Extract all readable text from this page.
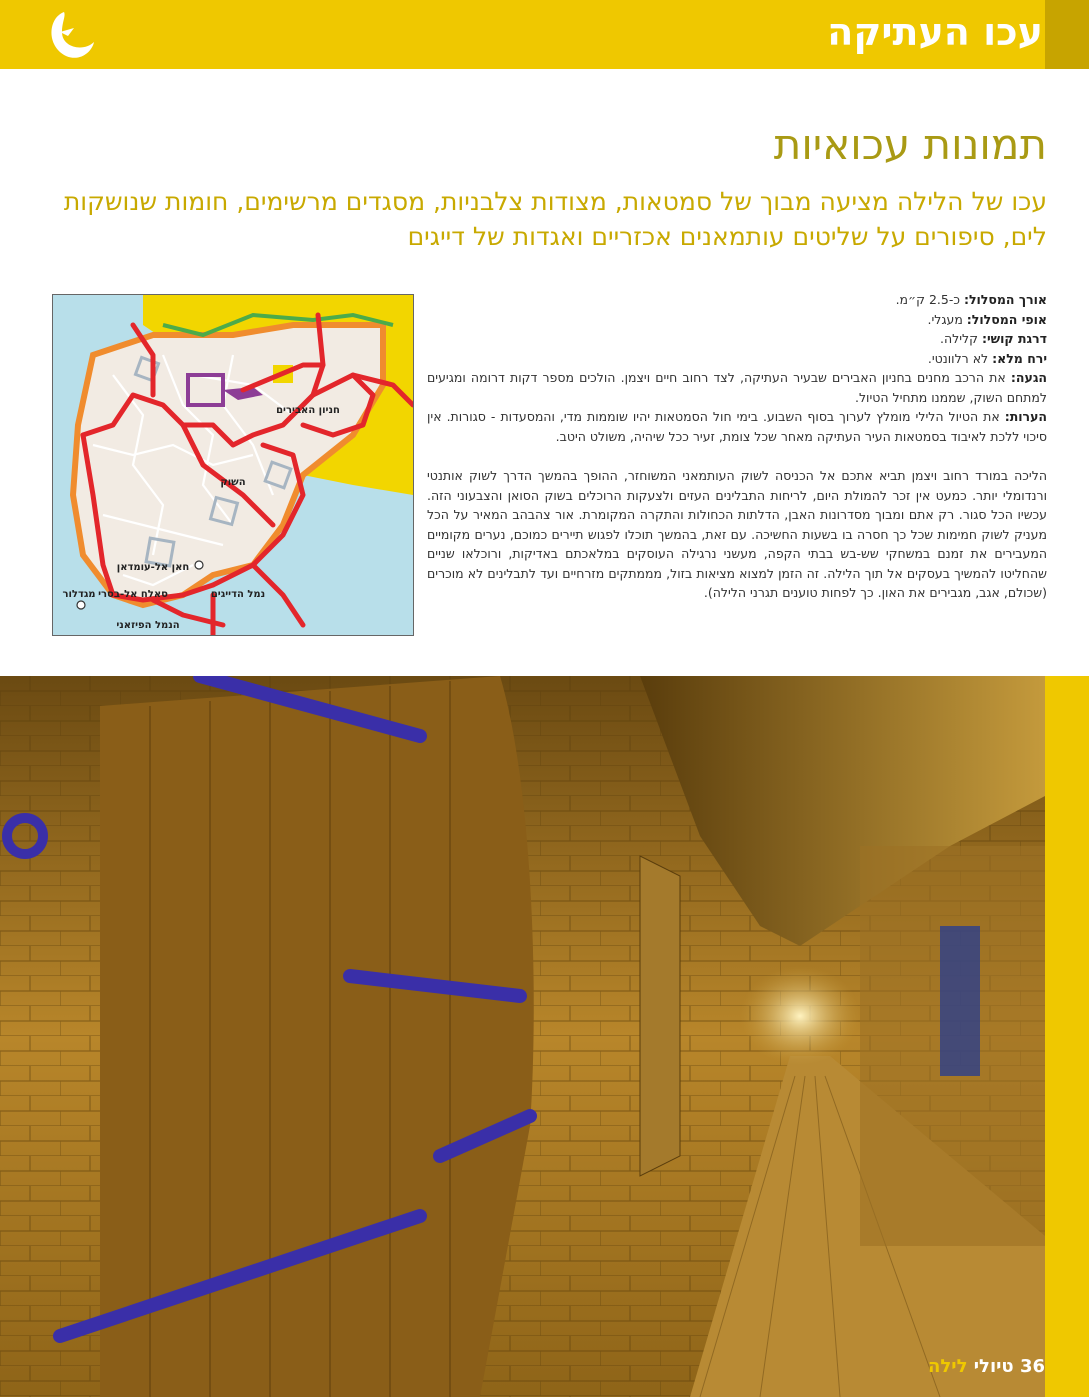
עכו העתיקה
תמונות עכואיות

עכו של הלילה מציעה מבוך של סמטאות, מצודות צלבניות, מסגדים מרשימים, חומות שנושקות לים, סיפורים על שליטים עותמאנים אכזריים ואגדות של דייגים

אורך המסלול: כ-2.5 ק״מ.

אופי המסלול: מעגלי.

דרגת קושי: קלילה.

ירח מלא: לא רלוונטי.

הגעה: את הרכב מחנים בחניון האבירים שבעיר העתיקה, לצד רחוב חיים ויצמן. הולכים מספר דקות דרומה ומגיעים למתחם השוק, שממנו מתחיל הטיול.

הערות: את הטיול הלילי מומלץ לערוך בסוף השבוע. בימי חול הסמטאות יהיו שוממות מדי, והמסעדות - סגורות. אין סיכוי ללכת לאיבוד בסמטאות העיר העתיקה מאחר שכל צומת, זעיר ככל שיהיה, משולט היטב.

הליכה במורד רחוב ויצמן תביא אתכם אל הכניסה לשוק העותמאני המשוחזר, ההופך בהמשך הדרך לשוק אותנטי ורנדומלי יותר. כמעט אין זכר להמולת היום, לריחות התבלינים העזים ולצעקות הרוכלים בשוק הסואן והצבעוני הזה. עכשיו הכל סגור. רק אתם ומבוך מסדרונות האבן, הדלתות הכחולות והתקרה המקומרת. אור צהבהב המאיר על הכל מעניק לשוק חמימות שכל כך חסרה בו בשעות החשיכה. עם זאת, בהמשך תוכלו לפגוש תיירים כמוכם, נערים מקומיים המעבירים את זמנם במשחקי שש-בש בבתי הקפה, מעשני נרגילה העוסקים במלאכתם באדיקות, ורוכלאו שניים שהחליטו להמשיך בעסקים אל תוך הלילה. זה הזמן למצוא מציאות בזול, מממתקים מזרחיים ועד לתבלינים לא מוכרים (שכולם, אגב, מגבירים את האון. כך לפחות טוענים תגרני הלילה).

חניון האבירים
השוק
חאן אל-עומדאן
סאלח אל-בסרי	נמל הדייגים
מגדלור
הנמל הפיזאני
36 טיולי לילה
